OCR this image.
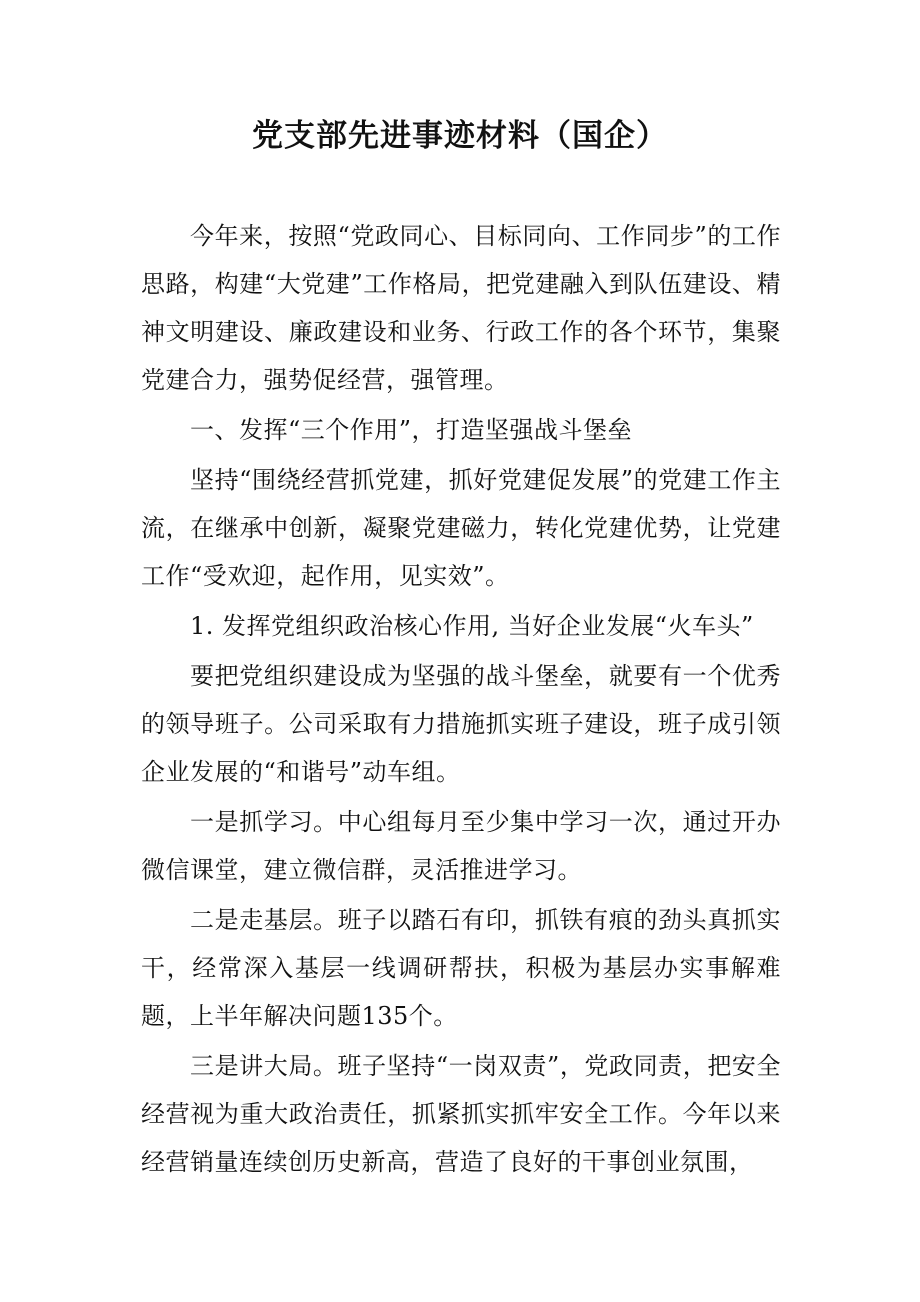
党支部先进事迹材料（国企）

今年来，按照“党政同心、目标同向、工作同步”的工作思路，构建“大党建”工作格局，把党建融入到队伍建设、精神文明建设、廉政建设和业务、行政工作的各个环节，集聚党建合力，强势促经营，强管理。

一、发挥“三个作用”，打造坚强战斗堡垒

坚持“围绕经营抓党建，抓好党建促发展”的党建工作主流，在继承中创新，凝聚党建磁力，转化党建优势，让党建工作“受欢迎，起作用，见实效”。

1. 发挥党组织政治核心作用, 当好企业发展“火车头”

要把党组织建设成为坚强的战斗堡垒，就要有一个优秀的领导班子。公司采取有力措施抓实班子建设，班子成引领企业发展的“和谐号”动车组。

一是抓学习。中心组每月至少集中学习一次，通过开办微信课堂，建立微信群，灵活推进学习。

二是走基层。班子以踏石有印，抓铁有痕的劲头真抓实干，经常深入基层一线调研帮扶，积极为基层办实事解难题，上半年解决问题135个。

三是讲大局。班子坚持“一岗双责”，党政同责，把安全经营视为重大政治责任，抓紧抓实抓牢安全工作。今年以来经营销量连续创历史新高，营造了良好的干事创业氛围，
